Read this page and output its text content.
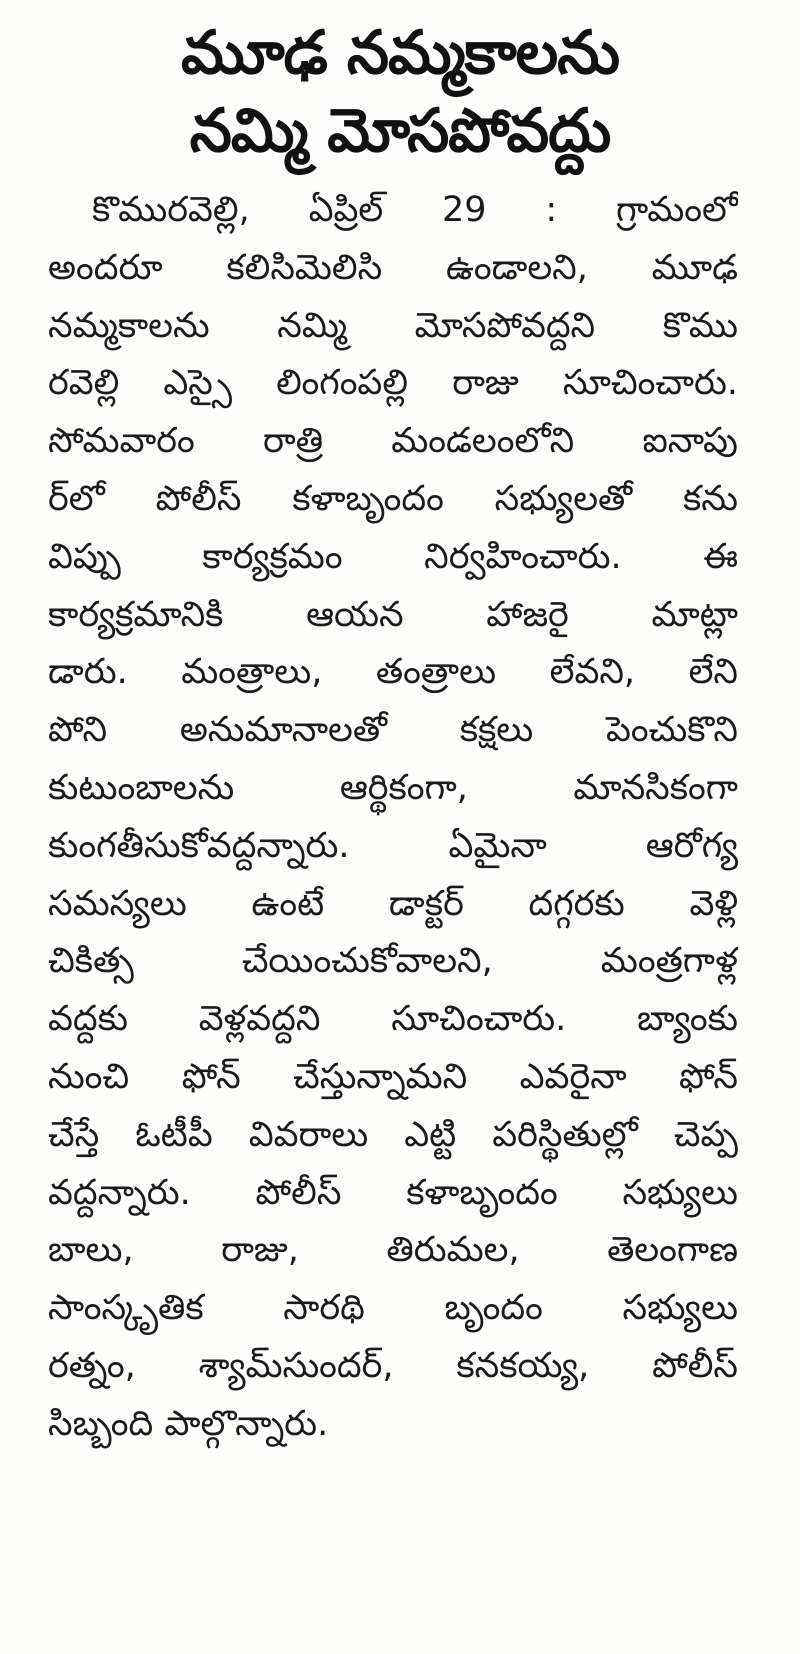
మూఢ నమ్మకాలను
నమ్మి మోసపోవద్దు
కొమురవెల్లి, ఏప్రిల్ 29 : గ్రామంలో
అందరూ కలిసిమెలిసి ఉండాలని, మూఢ
నమ్మకాలను నమ్మి మోసపోవద్దని కొము
రవెల్లి ఎస్సై లింగంపల్లి రాజు సూచించారు.
సోమవారం రాత్రి మండలంలోని ఐనాపు
ర్‌లో పోలీస్ కళాబృందం సభ్యులతో కను
విప్పు కార్యక్రమం నిర్వహించారు. ఈ
కార్యక్రమానికి ఆయన హాజరై మాట్లా
డారు. మంత్రాలు, తంత్రాలు లేవని, లేని
పోని అనుమానాలతో కక్షలు పెంచుకొని
కుటుంబాలను ఆర్థికంగా, మానసికంగా
కుంగతీసుకోవద్దన్నారు. ఏమైనా ఆరోగ్య
సమస్యలు ఉంటే డాక్టర్ దగ్గరకు వెళ్లి
చికిత్స చేయించుకోవాలని, మంత్రగాళ్ల
వద్దకు వెళ్లవద్దని సూచించారు. బ్యాంకు
నుంచి ఫోన్ చేస్తున్నామని ఎవరైనా ఫోన్
చేస్తే ఓటీపీ వివరాలు ఎట్టి పరిస్థితుల్లో చెప్ప
వద్దన్నారు. పోలీస్ కళాబృందం సభ్యులు
బాలు, రాజు, తిరుమల, తెలంగాణ
సాంస్కృతిక సారథి బృందం సభ్యులు
రత్నం, శ్యామ్‌సుందర్, కనకయ్య, పోలీస్
సిబ్బంది పాల్గొన్నారు.
